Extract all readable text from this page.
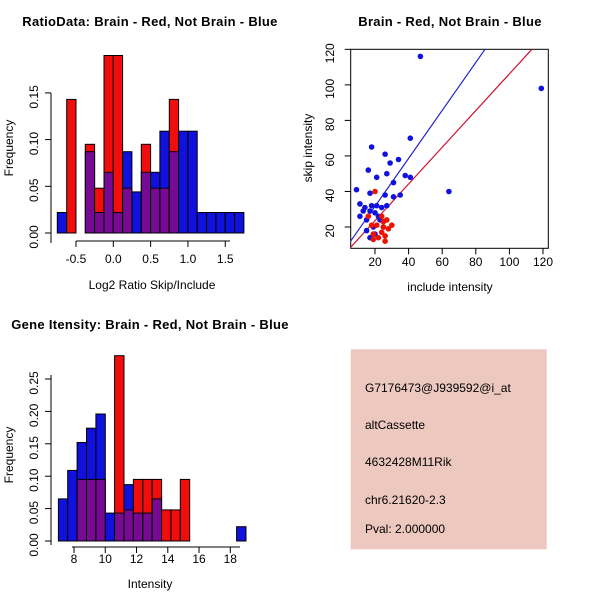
RatioData: Brain - Red, Not Brain - Blue
Log2 Ratio Skip/Include
Frequency
-0.5 0.0 0.5 1.0 1.5
0.00
0.05
0.10
0.15
Brain - Red, Not Brain - Blue
include intensity
skip intensity
20 40 60 80 100 120
20
40
60
80
100
120
Gene Itensity: Brain - Red, Not Brain - Blue
Intensity
Frequency
8 10 12 14 16 18
0.00
0.05
0.10
0.15
0.20
0.25	G7176473@J939592@i_at
altCassette
4632428M11Rik
chr6.21620-2.3
Pval: 2.000000
